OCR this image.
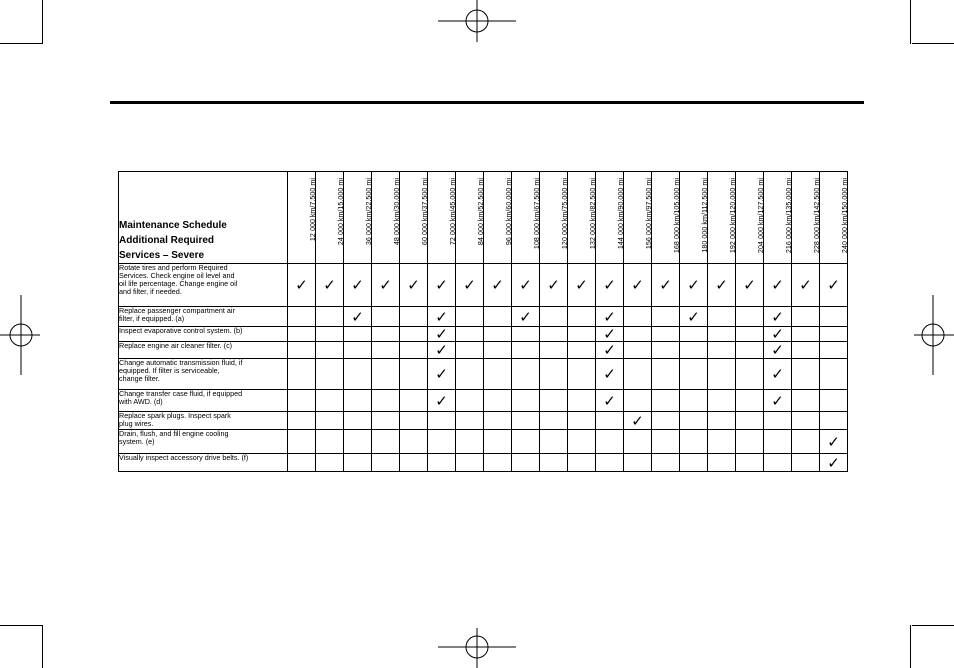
Maintenance Schedule
Additional Required
Services – Severe	12 000 km/7,500 mi	24 000 km/15,000 mi	36 000 km/22,500 mi	48 000 km/30,000 mi	60 000 km/37,500 mi	72 000 km/45,000 mi	84 000 km/52,500 mi	96 000 km/60,000 mi	108 000 km/67,500 mi	120 000 km/75,000 mi	132 000 km/82,500 mi	144 000 km/90,000 mi	156 000 km/97,500 mi	168 000 km/105,000 mi	180 000 km/112,500 mi	192 000 km/120,000 mi	204 000 km/127,500 mi	216 000 km/135,000 mi	228 000 km/142,500 mi	240 000 km/150,000 mi

Rotate tires and perform Required
Services. Check engine oil level and
oil life percentage. Change engine oil
and filter, if needed.	✓	✓	✓	✓	✓	✓	✓	✓	✓	✓	✓	✓	✓	✓	✓	✓	✓	✓	✓	✓

Replace passenger compartment air
filter, if equipped. (a)			✓			✓			✓			✓			✓			✓		

Inspect evaporative control system. (b)						✓						✓						✓		

Replace engine air cleaner filter. (c)						✓						✓						✓		

Change automatic transmission fluid, if
equipped. If filter is serviceable,
change filter.						✓						✓						✓		

Change transfer case fluid, if equipped
with AWD. (d)						✓						✓						✓		

Replace spark plugs. Inspect spark
plug wires.													✓							

Drain, flush, and fill engine cooling
system. (e)																				✓

Visually inspect accessory drive belts. (f)																				✓
